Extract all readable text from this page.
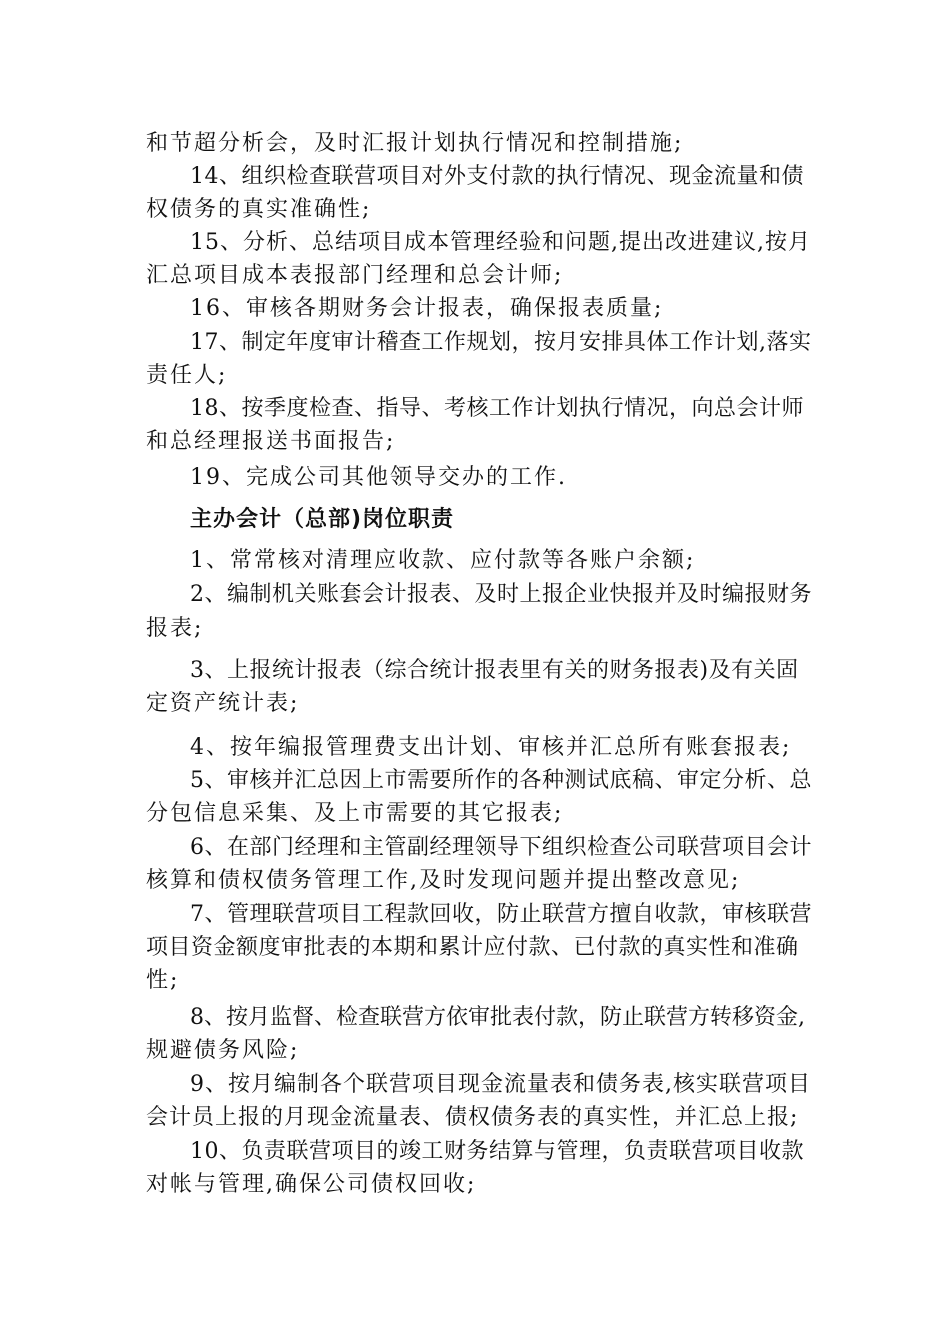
和节超分析会，及时汇报计划执行情况和控制措施;
14、组织检查联营项目对外支付款的执行情况、现金流量和债
权债务的真实准确性;
15、分析、总结项目成本管理经验和问题,提出改进建议,按月
汇总项目成本表报部门经理和总会计师;
16、审核各期财务会计报表，确保报表质量;
17、制定年度审计稽查工作规划，按月安排具体工作计划,落实
责任人;
18、按季度检查、指导、考核工作计划执行情况，向总会计师
和总经理报送书面报告;
19、完成公司其他领导交办的工作.
主办会计（总部)岗位职责
1、常常核对清理应收款、应付款等各账户余额;
2、编制机关账套会计报表、及时上报企业快报并及时编报财务
报表;
3、上报统计报表（综合统计报表里有关的财务报表)及有关固
定资产统计表;
4、按年编报管理费支出计划、审核并汇总所有账套报表;
5、审核并汇总因上市需要所作的各种测试底稿、审定分析、总
分包信息采集、及上市需要的其它报表;
6、在部门经理和主管副经理领导下组织检查公司联营项目会计
核算和债权债务管理工作,及时发现问题并提出整改意见;
7、管理联营项目工程款回收，防止联营方擅自收款，审核联营
项目资金额度审批表的本期和累计应付款、已付款的真实性和准确
性;
8、按月监督、检查联营方依审批表付款，防止联营方转移资金,
规避债务风险;
9、按月编制各个联营项目现金流量表和债务表,核实联营项目
会计员上报的月现金流量表、债权债务表的真实性，并汇总上报;
10、负责联营项目的竣工财务结算与管理，负责联营项目收款
对帐与管理,确保公司债权回收;
